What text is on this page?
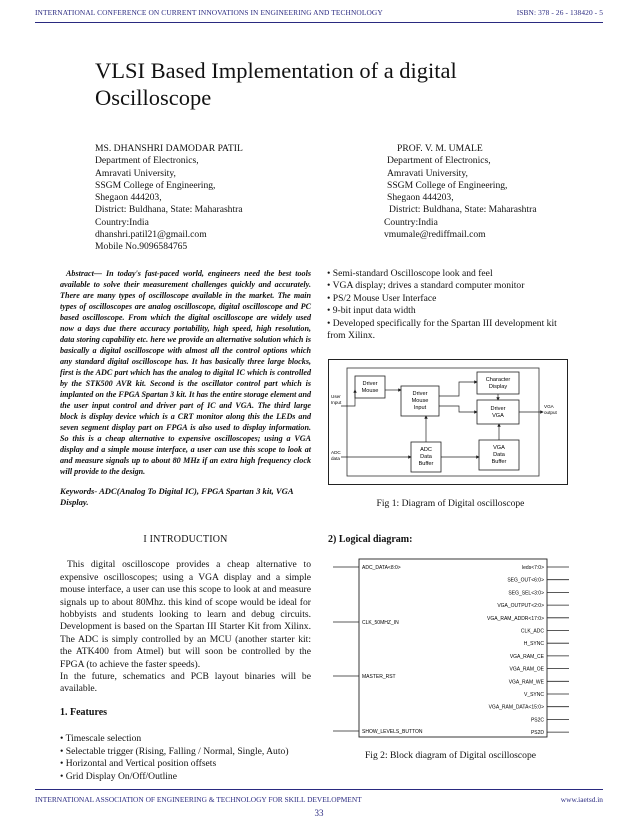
INTERNATIONAL CONFERENCE ON CURRENT INNOVATIONS IN ENGINEERING AND TECHNOLOGY	ISBN: 378 - 26 - 138420 - 5
VLSI Based Implementation of a digital Oscilloscope
MS. DHANSHRI DAMODAR PATIL
Department of Electronics,
Amravati University,
SSGM College of Engineering,
Shegaon 444203,
District: Buldhana, State: Maharashtra
Country:India
dhanshri.patil21@gmail.com
Mobile No.9096584765
PROF. V. M. UMALE
Department of Electronics,
Amravati University,
SSGM College of Engineering,
Shegaon 444203,
District: Buldhana, State: Maharashtra
Country:India
vmumale@rediffmail.com
Abstract— In today's fast-paced world, engineers need the best tools available to solve their measurement challenges quickly and accurately. There are many types of oscilloscope available in the market. The main types of oscilloscopes are analog oscilloscope, digital oscilloscope and PC based oscilloscope. From which the digital oscilloscope are widely used now a days due there accuracy portability, high speed, high resolution, data storing capability etc. here we provide an alternative solution which is basically a digital oscilloscope with almost all the control options which any standard digital oscilloscope has. It has basically three large blocks, first is the ADC part which has the analog to digital IC which is controlled by the STK500 AVR kit. Second is the oscillator control part which is implanted on the FPGA Spartan 3 kit. It has the entire storage element and the user input control and driver part of IC and VGA. The third large block is display device which is a CRT monitor along this the LEDs and seven segment display part on FPGA is also used to display information. So this is a cheap alternative to expensive oscilloscopes; using a VGA display and a simple mouse interface, a user can use this scope to look at and measure signals up to about 80 MHz if an extra high frequency clock will provide to the design.
Keywords- ADC(Analog To Digital IC), FPGA Spartan 3 kit, VGA Display.
I INTRODUCTION

This digital oscilloscope provides a cheap alternative to expensive oscilloscopes; using a VGA display and a simple mouse interface, a user can use this scope to look at and measure signals up to about 80Mhz. this kind of scope would be ideal for hobbyists and students looking to learn and debug circuits. Development is based on the Spartan III Starter Kit from Xilinx. The ADC is simply controlled by an MCU (another starter kit: the ATK400 from Atmel) but will soon be controlled by the FPGA (to achieve the faster speeds).

In the future, schematics and PCB layout binaries will be available.

1. Features
• Timescale selection
• Selectable trigger (Rising, Falling / Normal, Single, Auto)
• Horizontal and Vertical position offsets
• Grid Display On/Off/Outline
• Semi-standard Oscilloscope look and feel
• VGA display; drives a standard computer monitor
• PS/2 Mouse User Interface
• 9-bit input data width
• Developed specifically for the Spartan III development kit from Xilinx.
Driver
Mouse	Driver
Mouse
Input
Character
Display
Driver
VGA
ADC
Data
Buffer
VGA
Data
Buffer
User
Input
ADC
data
VGA
output
Fig 1: Diagram of Digital oscilloscope
2) Logical diagram:
ADC_DATA<8:0>
CLK_50MHZ_IN
MASTER_RST
SHOW_LEVELS_BUTTON
leds<7:0>
SEG_OUT<6:0>
SEG_SEL<3:0>
VGA_OUTPUT<2:0>
VGA_RAM_ADDR<17:0>
CLK_ADC
H_SYNC
VGA_RAM_CE
VGA_RAM_OE
VGA_RAM_WE
V_SYNC
VGA_RAM_DATA<15:0>
PS2C
PS2D
Fig 2: Block diagram of Digital oscilloscope
INTERNATIONAL ASSOCIATION OF ENGINEERING & TECHNOLOGY FOR SKILL DEVELOPMENT	www.iaetsd.in
33
